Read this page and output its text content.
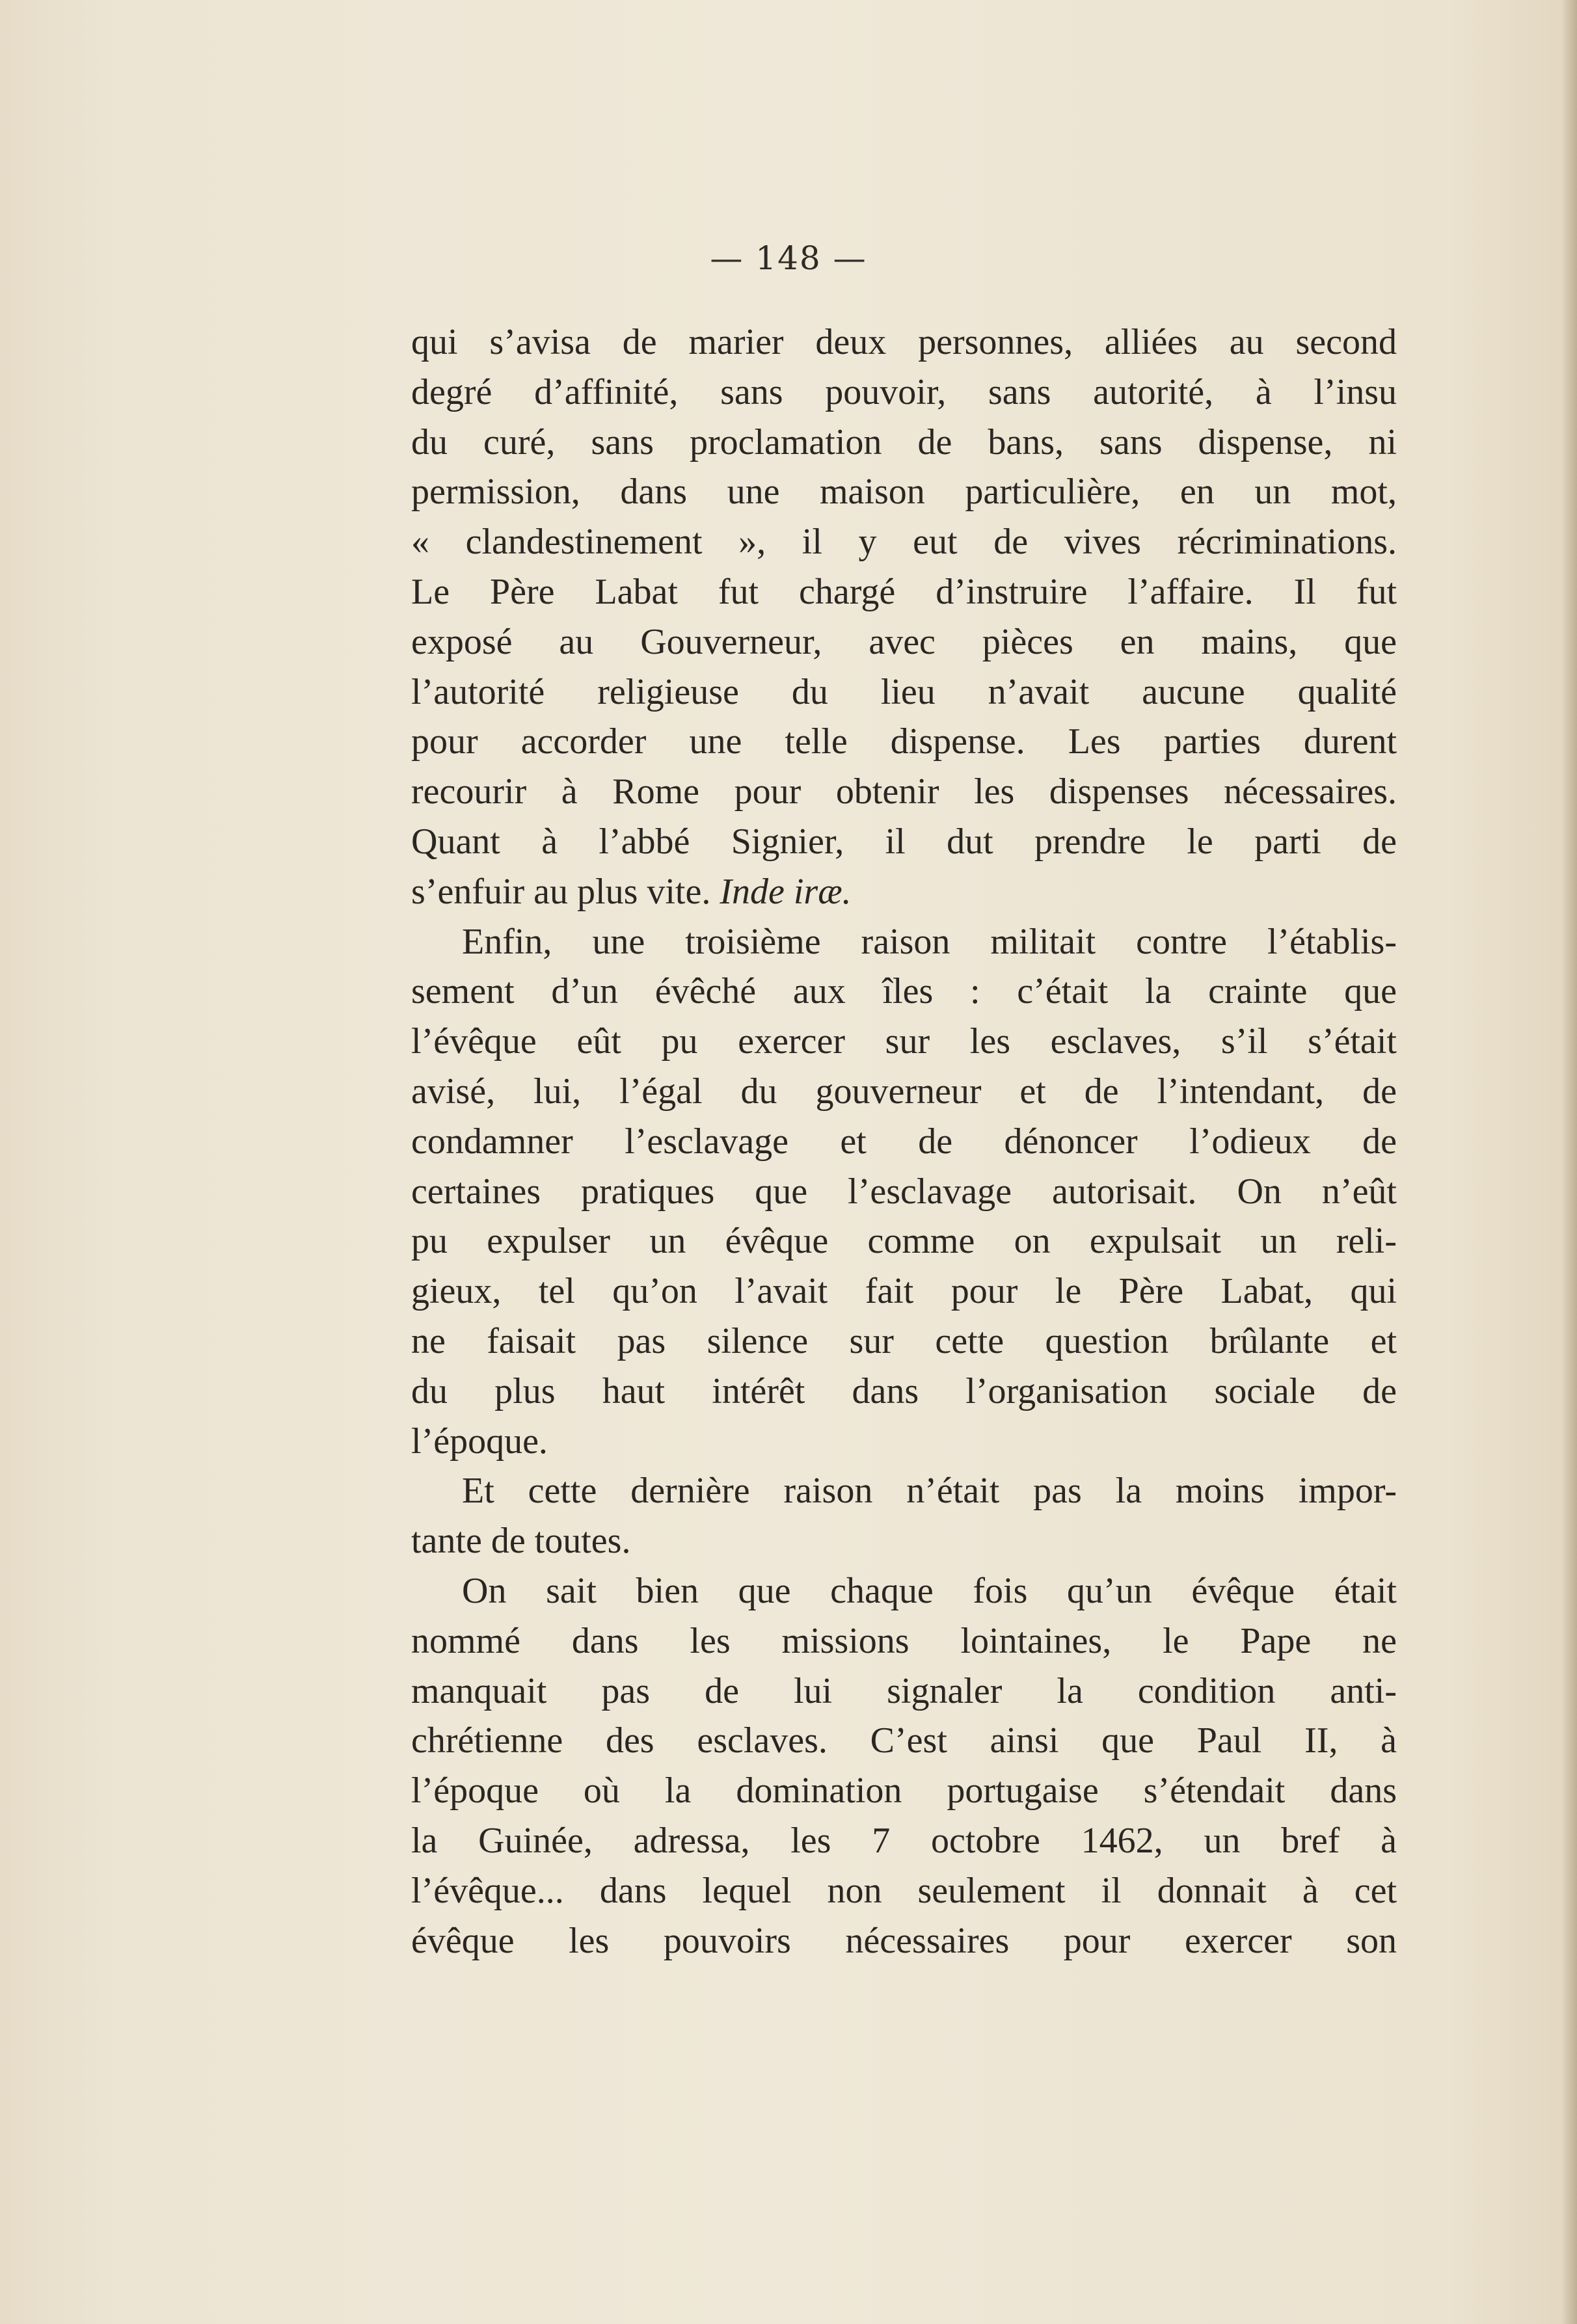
— 148 —
qui s’avisa de marier deux personnes, alliées au second
degré d’affinité, sans pouvoir, sans autorité, à l’insu
du curé, sans proclamation de bans, sans dispense, ni
permission, dans une maison particulière, en un mot,
« clandestinement », il y eut de vives récriminations.
Le Père Labat fut chargé d’instruire l’affaire. Il fut
exposé au Gouverneur, avec pièces en mains, que
l’autorité religieuse du lieu n’avait aucune qualité
pour accorder une telle dispense. Les parties durent
recourir à Rome pour obtenir les dispenses nécessaires.
Quant à l’abbé Signier, il dut prendre le parti de
s’enfuir au plus vite. Inde iræ.
Enfin, une troisième raison militait contre l’établis-
sement d’un évêché aux îles : c’était la crainte que
l’évêque eût pu exercer sur les esclaves, s’il s’était
avisé, lui, l’égal du gouverneur et de l’intendant, de
condamner l’esclavage et de dénoncer l’odieux de
certaines pratiques que l’esclavage autorisait. On n’eût
pu expulser un évêque comme on expulsait un reli-
gieux, tel qu’on l’avait fait pour le Père Labat, qui
ne faisait pas silence sur cette question brûlante et
du plus haut intérêt dans l’organisation sociale de
l’époque.
Et cette dernière raison n’était pas la moins impor-
tante de toutes.
On sait bien que chaque fois qu’un évêque était
nommé dans les missions lointaines, le Pape ne
manquait pas de lui signaler la condition anti-
chrétienne des esclaves. C’est ainsi que Paul II, à
l’époque où la domination portugaise s’étendait dans
la Guinée, adressa, les 7 octobre 1462, un bref à
l’évêque... dans lequel non seulement il donnait à cet
évêque les pouvoirs nécessaires pour exercer son
